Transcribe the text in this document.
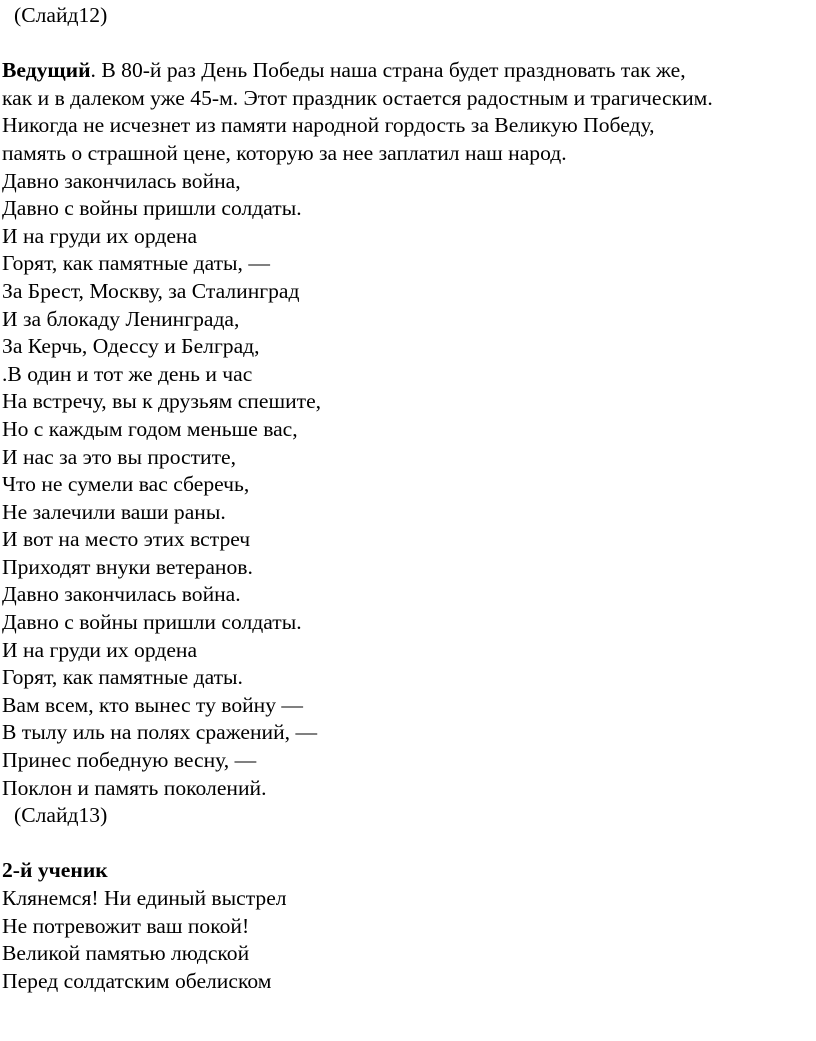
(Слайд12)
Ведущий. В 80-й раз День Победы наша страна будет праздновать так же,
как и в далеком уже 45-м. Этот праздник остается радостным и трагическим.
Никогда не исчезнет из памяти народной гордость за Великую Победу,
память о страшной цене, которую за нее заплатил наш народ.
Давно закончилась война,
Давно с войны пришли солдаты.
И на груди их ордена
Горят, как памятные даты, —
За Брест, Москву, за Сталинград
И за блокаду Ленинграда,
За Керчь, Одессу и Белград,
.В один и тот же день и час
На встречу, вы к друзьям спешите,
Но с каждым годом меньше вас,
И нас за это вы простите,
Что не сумели вас сберечь,
Не залечили ваши раны.
И вот на место этих встреч
Приходят внуки ветеранов.
Давно закончилась война.
Давно с войны пришли солдаты.
И на груди их ордена
Горят, как памятные даты.
Вам всем, кто вынес ту войну —
В тылу иль на полях сражений, —
Принес победную весну, —
Поклон и память поколений.
(Слайд13)
2-й ученик
Клянемся! Ни единый выстрел
Не потревожит ваш покой!
Великой памятью людской
Перед солдатским обелиском
